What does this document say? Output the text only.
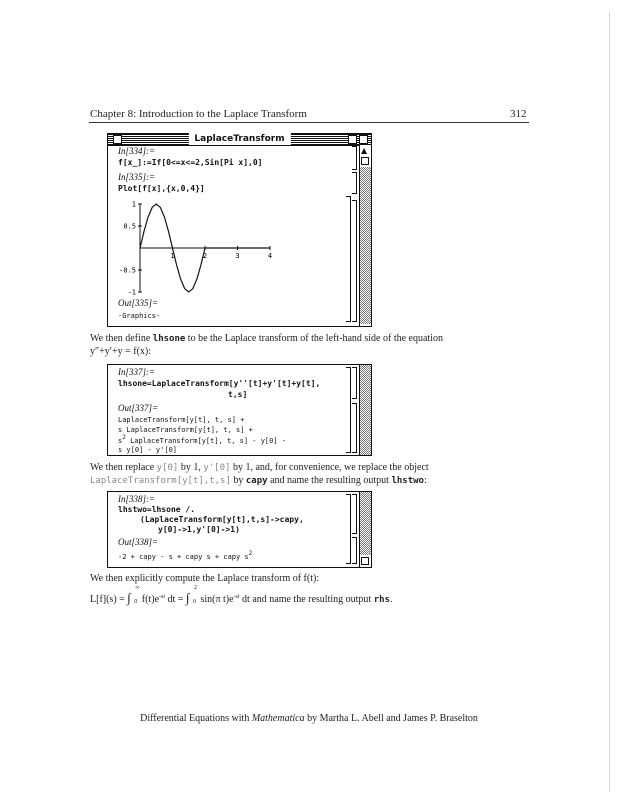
Chapter 8: Introduction to the Laplace Transform	312
LaplaceTransform
In[334]:=
f[x_]:=If[0<=x<=2,Sin[Pi x],0]
In[335]:=
Plot[f[x],{x,0,4}]
1	2	3	4
1
0.5
-0.5
-1
Out[335]=
-Graphics-
▲
We then define lhsone to be the Laplace transform of the left-hand side of the equation
y″+y′+y = f(x):
In[337]:=
lhsone=LaplaceTransform[y''[t]+y'[t]+y[t],
t,s]
Out[337]=
LaplaceTransform[y[t], t, s] +
s LaplaceTransform[y[t], t, s] +
$s^2$ LaplaceTransform[y[t], t, s] - y[0] -
s y[0] - y'[0]
We then replace y[0] by 1, y'[0] by 1, and, for convenience, we replace the object
LaplaceTransform[y[t],t,s] by capy and name the resulting output lhstwo:
In[338]:=
lhstwo=lhsone /.
(LaplaceTransform[y[t],t,s]->capy,
y[0]->1,y'[0]->1)
Out[338]=
-2 + capy - s + capy s + capy $s^2$
We then explicitly compute the Laplace transform of f(t):
L[f](s) = ∫
∞
0 $f(t)e^{-st}$ dt = ∫
2
0 sin(π $t)e^{-st}$ dt and name the resulting output rhs.
Differential Equations with Mathematica by Martha L. Abell and James P. Braselton
